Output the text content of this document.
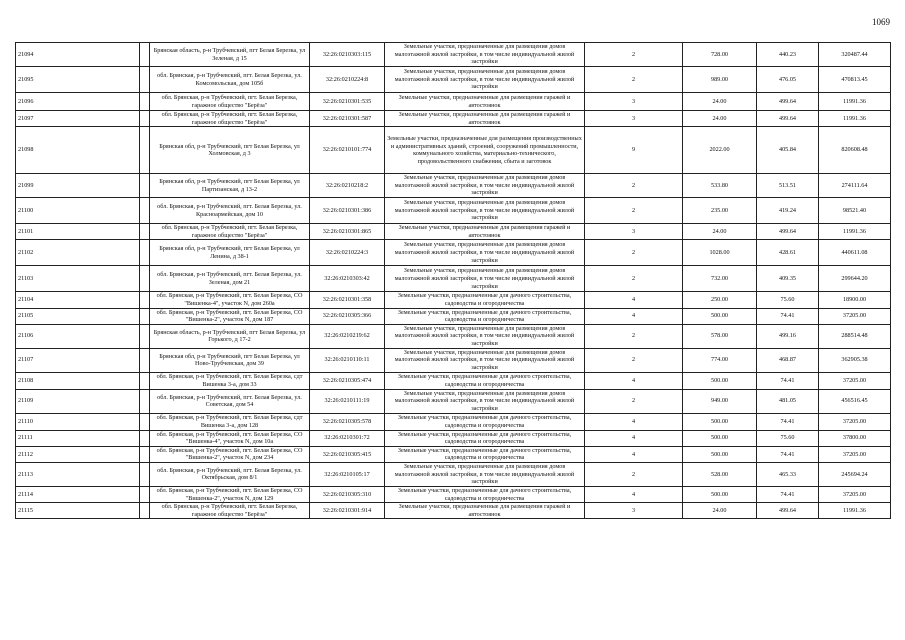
1069
21094		Брянская область, р-н Трубчевский, пгт Белая Березка, ул Зеленая, д 15	32:26:0210303:115	Земельные участки, предназначенные для размещения домов малоэтажной жилой застройки, в том числе индивидуальной жилой застройки	2	728.00	440.23	320487.44
21095		обл. Брянская, р-н Трубчевский, пгт. Белая Березка, ул. Комсомольская, дом 105б	32:26:0210224:8	Земельные участки, предназначенные для размещения домов малоэтажной жилой застройки, в том числе индивидуальной жилой застройки	2	989.00	476.05	470813.45
21096		обл. Брянская, р-н Трубчевский, пгт. Белая Березка, гаражное общество "Берёза"	32:26:0210301:535	Земельные участки, предназначенные для размещения гаражей и автостоянок	3	24.00	499.64	11991.36
21097		обл. Брянская, р-н Трубчевский, пгт. Белая Березка, гаражное общество "Берёза"	32:26:0210301:587	Земельные участки, предназначенные для размещения гаражей и автостоянок	3	24.00	499.64	11991.36
21098		Брянская обл, р-н Трубчевский, пгт Белая Березка, ул Холмовская, д 3	32:26:0210101:774	Земельные участки, предназначенные для размещения производственных и административных зданий, строений, сооружений промышленности, коммунального хозяйства, материально-технического, продовольственного снабжения, сбыта и заготовок	9	2022.00	405.84	820608.48
21099		Брянская обл, р-н Трубчевский, пгт Белая Березка, ул Партизанская, д 13-2	32:26:0210218:2	Земельные участки, предназначенные для размещения домов малоэтажной жилой застройки, в том числе индивидуальной жилой застройки	2	533.80	513.51	274111.64
21100		обл. Брянская, р-н Трубчевский, пгт. Белая Березка, ул. Красноармейская, дом 10	32:26:0210301:386	Земельные участки, предназначенные для размещения домов малоэтажной жилой застройки, в том числе индивидуальной жилой застройки	2	235.00	419.24	98521.40
21101		обл. Брянская, р-н Трубчевский, пгт. Белая Березка, гаражное общество "Берёза"	32:26:0210301:865	Земельные участки, предназначенные для размещения гаражей и автостоянок	3	24.00	499.64	11991.36
21102		Брянская обл, р-н Трубчевский, пгт Белая Березка, ул Ленина, д 38-1	32:26:0210224:3	Земельные участки, предназначенные для размещения домов малоэтажной жилой застройки, в том числе индивидуальной жилой застройки	2	1028.00	428.61	440611.08
21103		обл. Брянская, р-н Трубчевский, пгт. Белая Березка, ул. Зеленая, дом 21	32:26:0210303:42	Земельные участки, предназначенные для размещения домов малоэтажной жилой застройки, в том числе индивидуальной жилой застройки	2	732.00	409.35	299644.20
21104		обл. Брянская, р-н Трубчевский, пгт. Белая Березка, СО "Вишенка-4", участок N, дом 260а	32:26:0210301:358	Земельные участки, предназначенные для дачного строительства, садоводства и огородничества	4	250.00	75.60	18900.00
21105		обл. Брянская, р-н Трубчевский, пгт. Белая Березка, СО "Вишенка-2", участок N, дом 187	32:26:0210305:366	Земельные участки, предназначенные для дачного строительства, садоводства и огородничества	4	500.00	74.41	37205.00
21106		Брянская область, р-н Трубчевский, пгт Белая Березка, ул Горького, д 17-2	32:26:0210219:62	Земельные участки, предназначенные для размещения домов малоэтажной жилой застройки, в том числе индивидуальной жилой застройки	2	578.00	499.16	288514.48
21107		Брянская обл, р-н Трубчевский, пгт Белая Березка, ул Ново-Трубчевская, дом 39	32:26:0210110:11	Земельные участки, предназначенные для размещения домов малоэтажной жилой застройки, в том числе индивидуальной жилой застройки	2	774.00	468.87	362905.38
21108		обл. Брянская, р-н Трубчевский, пгт. Белая Березка, сдт Вишенка 3-а, дом 33	32:26:0210305:474	Земельные участки, предназначенные для дачного строительства, садоводства и огородничества	4	500.00	74.41	37205.00
21109		обл. Брянская, р-н Трубчевский, пгт. Белая Березка, ул. Советская, дом 54	32:26:0210111:19	Земельные участки, предназначенные для размещения домов малоэтажной жилой застройки, в том числе индивидуальной жилой застройки	2	949.00	481.05	456516.45
21110		обл. Брянская, р-н Трубчевский, пгт. Белая Березка, сдт Вишенка 3-а, дом 128	32:26:0210305:578	Земельные участки, предназначенные для дачного строительства, садоводства и огородничества	4	500.00	74.41	37205.00
21111		обл. Брянская, р-н Трубчевский, пгт. Белая Березка, СО "Вишенка-4", участок N, дом 10а	32:26:0210301:72	Земельные участки, предназначенные для дачного строительства, садоводства и огородничества	4	500.00	75.60	37800.00
21112		обл. Брянская, р-н Трубчевский, пгт. Белая Березка, СО "Вишенка-2", участок N, дом 234	32:26:0210305:415	Земельные участки, предназначенные для дачного строительства, садоводства и огородничества	4	500.00	74.41	37205.00
21113		обл. Брянская, р-н Трубчевский, пгт. Белая Березка, ул. Октябрьская, дом 8/1	32:26:0210105:17	Земельные участки, предназначенные для размещения домов малоэтажной жилой застройки, в том числе индивидуальной жилой застройки	2	528.00	465.33	245694.24
21114		обл. Брянская, р-н Трубчевский, пгт. Белая Березка, СО "Вишенка-2", участок N, дом 129	32:26:0210305:310	Земельные участки, предназначенные для дачного строительства, садоводства и огородничества	4	500.00	74.41	37205.00
21115		обл. Брянская, р-н Трубчевский, пгт. Белая Березка, гаражное общество "Берёза"	32:26:0210301:914	Земельные участки, предназначенные для размещения гаражей и автостоянок	3	24.00	499.64	11991.36
